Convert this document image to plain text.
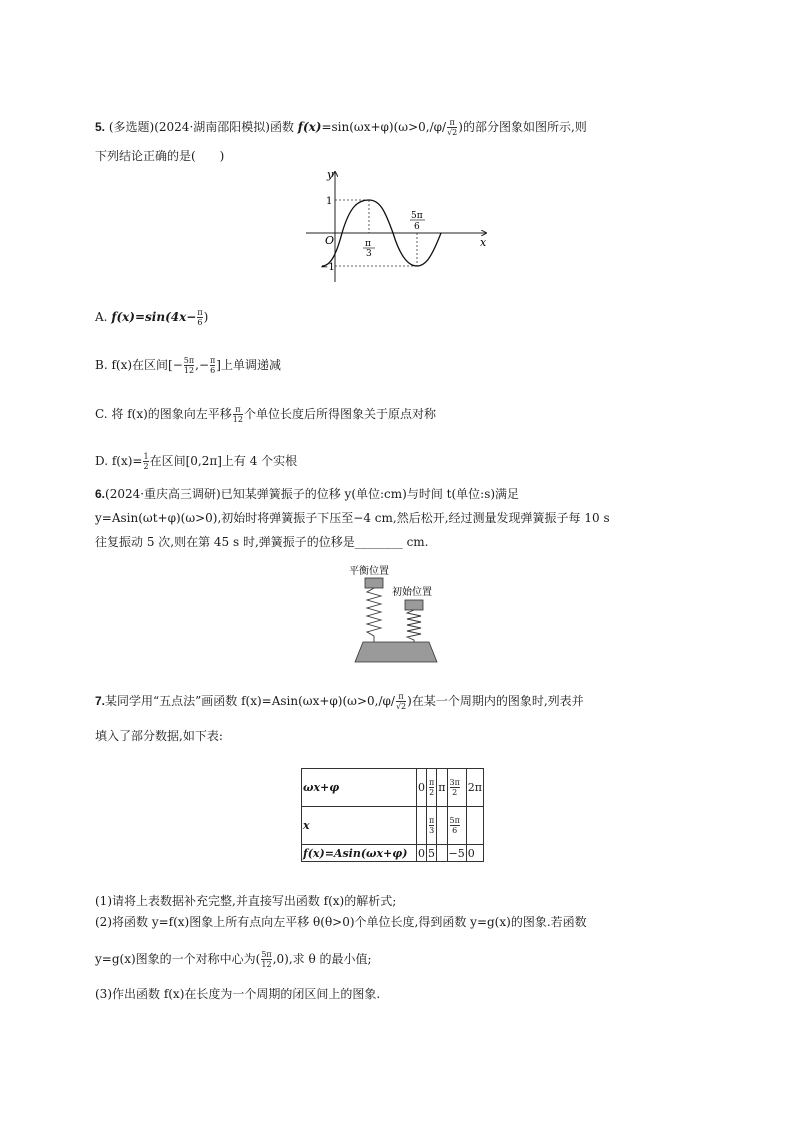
5. (多选题)(2024·湖南邵阳模拟)函数 $f(x)=\sin(\omega x+\varphi)(\omega>0,/\varphi/ \frac{\pi}{√2}$ )的部分图象如图所示,则
下列结论正确的是(　　)
y
x
O
1
−1
π
3
5π
6
A. $f(x)=\sin(4x- \frac{\pi}{6}$ )
B. f(x)在区间[− $\frac{5\pi}{12}$ ,− $\frac{\pi}{6}$ ]上单调递减
C. 将 f(x)的图象向左平移 $\frac{\pi}{12}$ 个单位长度后所得图象关于原点对称
D. $f(x)= \frac{1}{2}$ 在区间[0,2π]上有 4 个实根
6.(2024·重庆高三调研)已知某弹簧振子的位移 y(单位:cm)与时间 t(单位:s)满足
y=Asin(ωt+φ)(ω>0),初始时将弹簧振子下压至−4 cm,然后松开,经过测量发现弹簧振子每 10 s
往复振动 5 次,则在第 45 s 时,弹簧振子的位移是________ cm.
平衡位置
初始位置
7.某同学用“五点法”画函数 $f(x)=Asin(\omega x+\varphi)(\omega>0,/\varphi/ \frac{\pi}{√2}$ )在某一个周期内的图象时,列表并
填入了部分数据,如下表:
ωx+φ	0	$\frac{\pi}{2}$	π	$\frac{3\pi}{2}$	2π
x		$\frac{\pi}{3}$		$\frac{5\pi}{6}$

f(x)=Asin(ωx+φ)	0	5		−5	0
(1)请将上表数据补充完整,并直接写出函数 f(x)的解析式;
(2)将函数 y=f(x)图象上所有点向左平移 θ(θ>0)个单位长度,得到函数 y=g(x)的图象.若函数
y=g(x)图象的一个对称中心为( $\frac{5\pi}{12} ,0$),求 θ 的最小值;
(3)作出函数 f(x)在长度为一个周期的闭区间上的图象.
